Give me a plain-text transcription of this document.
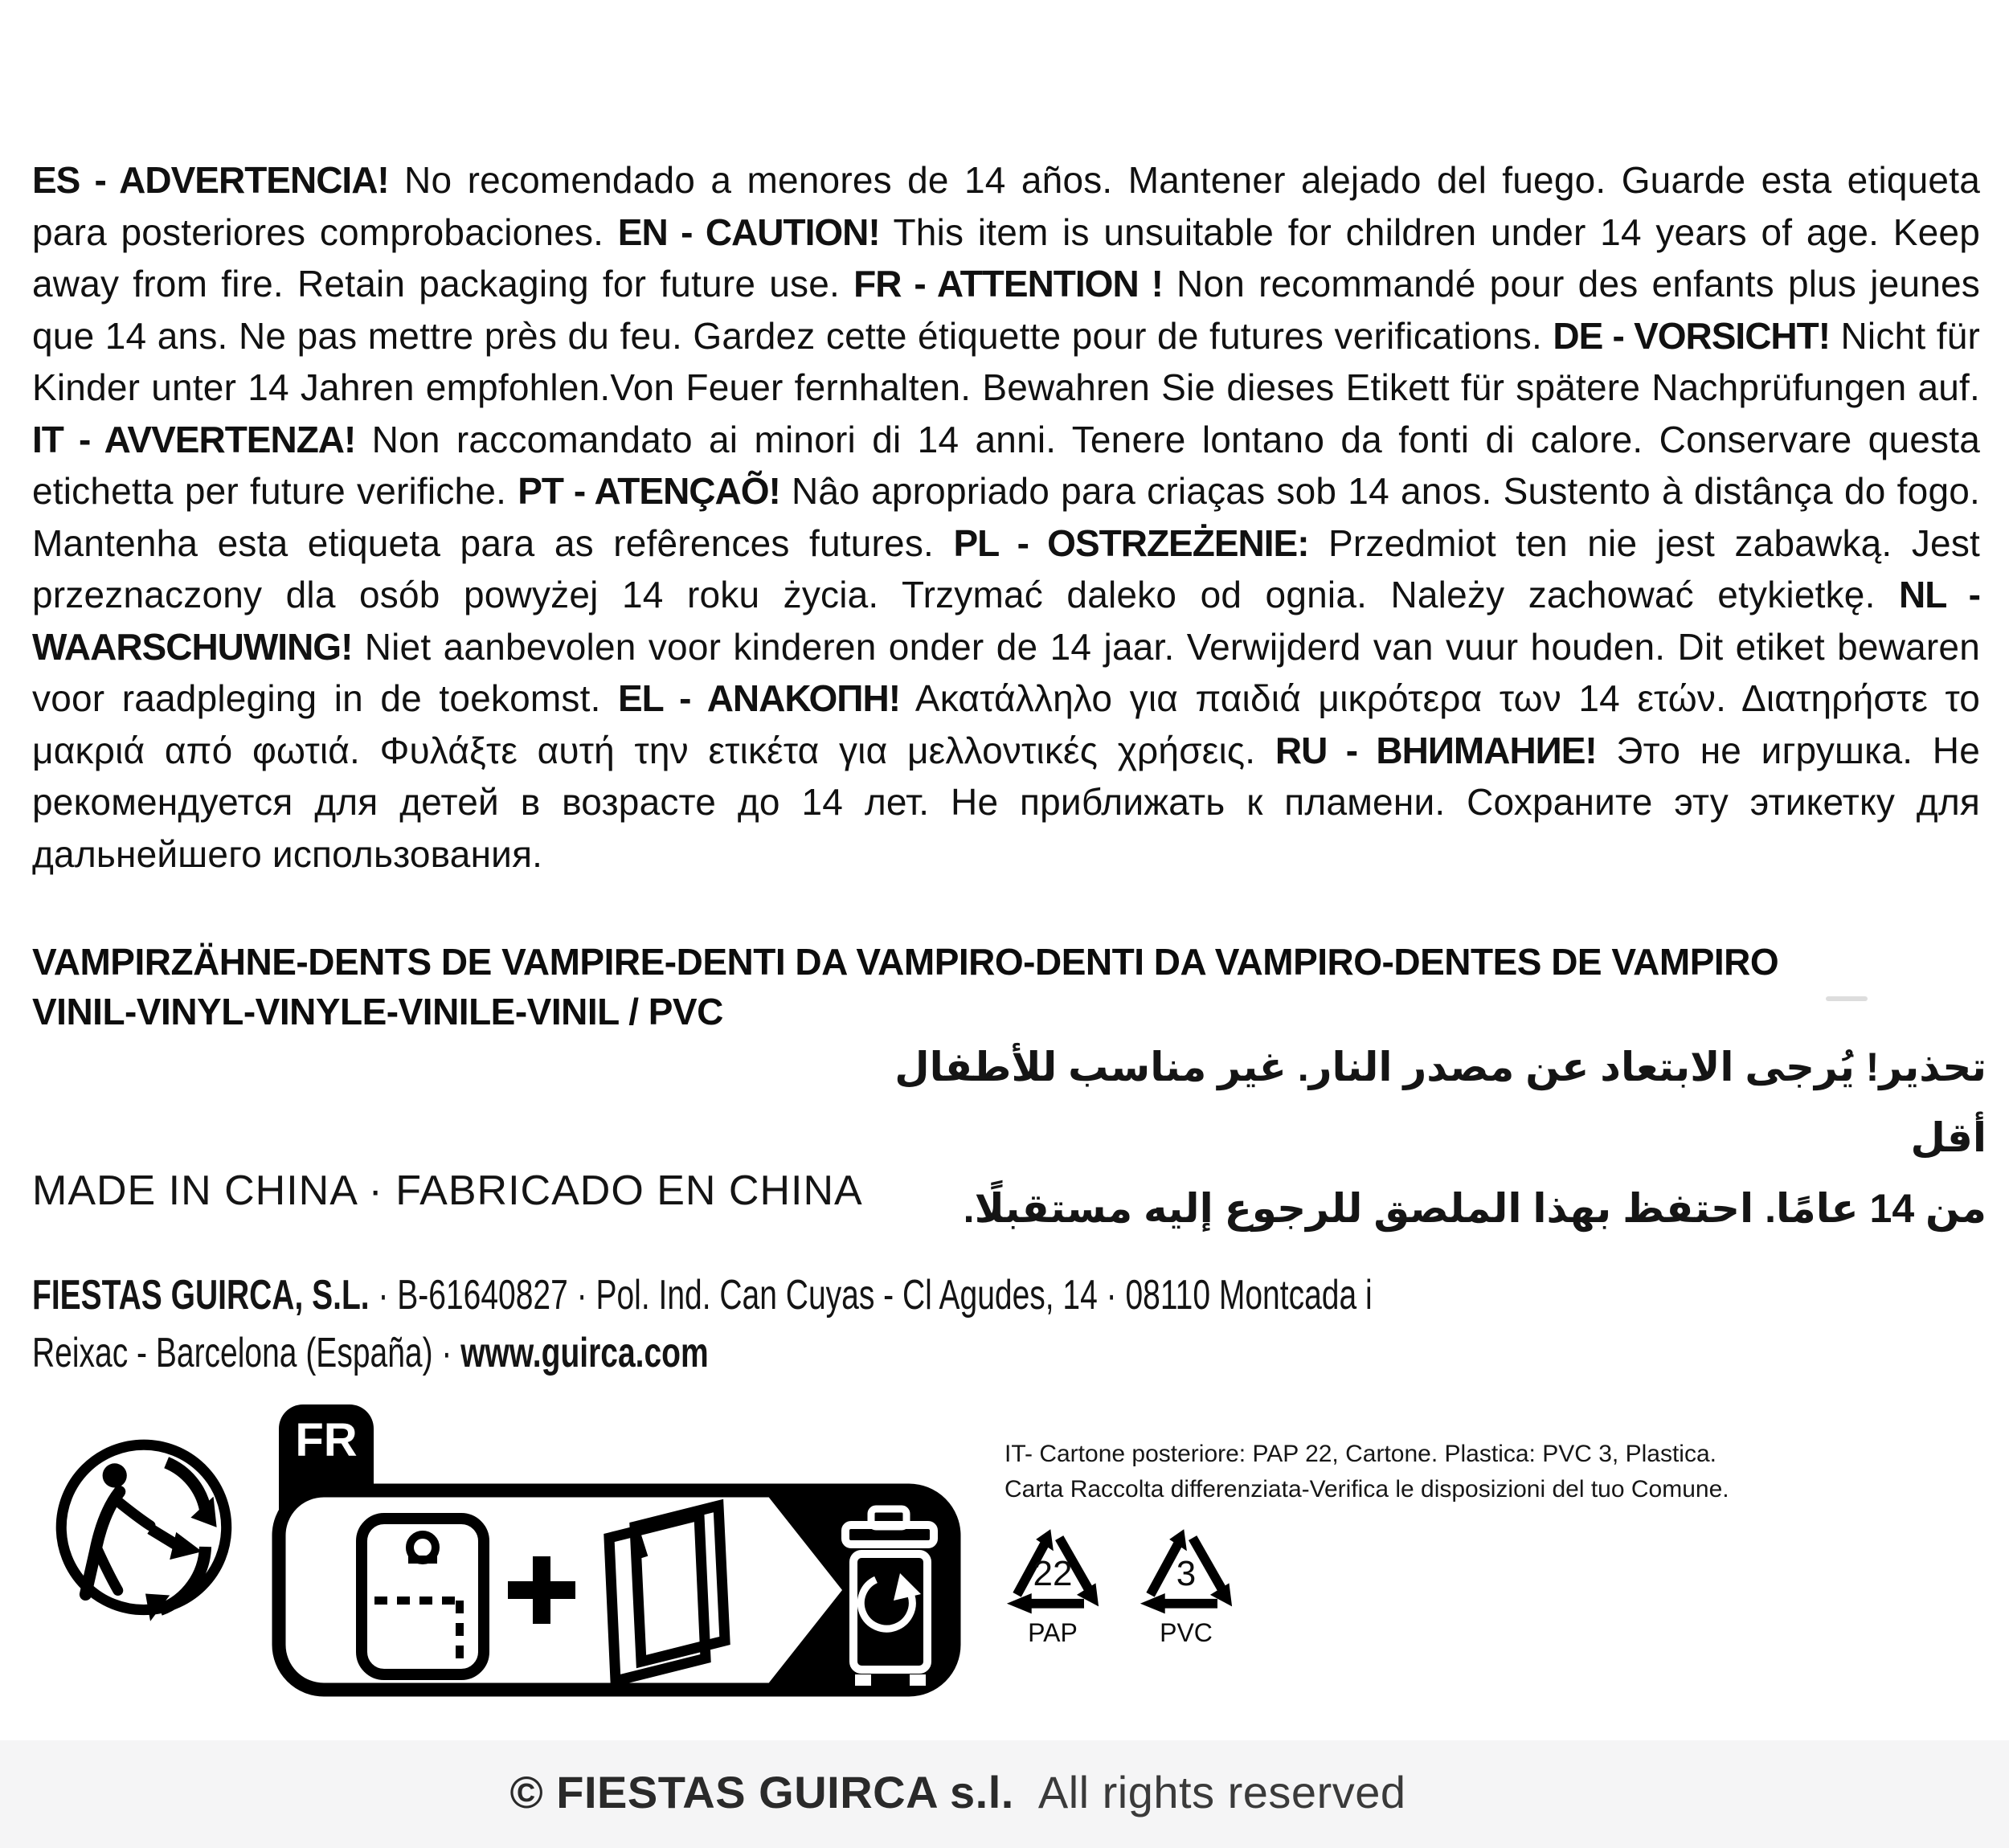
ES - ADVERTENCIA! No recomendado a menores de 14 años. Mantener alejado del fuego. Guarde esta etiqueta para posteriores comprobaciones. EN - CAUTION! This item is unsuitable for children under 14 years of age. Keep away from fire. Retain packaging for future use. FR - ATTENTION ! Non recommandé pour des enfants plus jeunes que 14 ans. Ne pas mettre près du feu. Gardez cette étiquette pour de futures verifications. DE - VORSICHT! Nicht für Kinder unter 14 Jahren empfohlen.Von Feuer fernhalten. Bewahren Sie dieses Etikett für spätere Nachprüfungen auf. IT - AVVERTENZA! Non raccomandato ai minori di 14 anni. Tenere lontano da fonti di calore. Conservare questa etichetta per future verifiche. PT - ATENÇAÕ! Nâo apropriado para criaças sob 14 anos. Sustento à distânça do fogo. Mantenha esta etiqueta para as refêrences futures. PL - OSTRZEŻENIE: Przedmiot ten nie jest zabawką. Jest przeznaczony dla osób powyżej 14 roku życia. Trzymać daleko od ognia. Należy zachować etykietkę. NL - WAARSCHUWING! Niet aanbevolen voor kinderen onder de 14 jaar. Verwijderd van vuur houden. Dit etiket bewaren voor raadpleging in de toekomst. EL - ΑΝΑΚΟΠΗ! Ακατάλληλο για παιδιά μικρότερα των 14 ετών. Διατηρήστε το μακριά από φωτιά. Φυλάξτε αυτή την ετικέτα για μελλοντικές χρήσεις. RU - ВНИМАНИЕ! Это не игрушка. Не рекомендуется для детей в возрасте до 14 лет. Не приближать к пламени. Сохраните эту этикетку для дальнейшего использования.

VAMPIRZÄHNE-DENTS DE VAMPIRE-DENTI DA VAMPIRO-DENTI DA VAMPIRO-DENTES DE VAMPIRO
VINIL-VINYL-VINYLE-VINILE-VINIL / PVC
تحذير! يُرجى الابتعاد عن مصدر النار. غير مناسب للأطفال أقل
من 14 عامًا. احتفظ بهذا الملصق للرجوع إليه مستقبلًا.
MADE IN CHINA · FABRICADO EN CHINA
FIESTAS GUIRCA, S.L. · B-61640827 · Pol. Ind. Can Cuyas - Cl Agudes, 14 · 08110 Montcada i
Reixac - Barcelona (España) · www.guirca.com
FR	IT- Cartone posteriore: PAP 22, Cartone. Plastica: PVC 3, Plastica.
Carta Raccolta differenziata-Verifica le disposizioni del tuo Comune.
22
PAP
3
PVC
© FIESTAS GUIRCA s.l. All rights reserved
